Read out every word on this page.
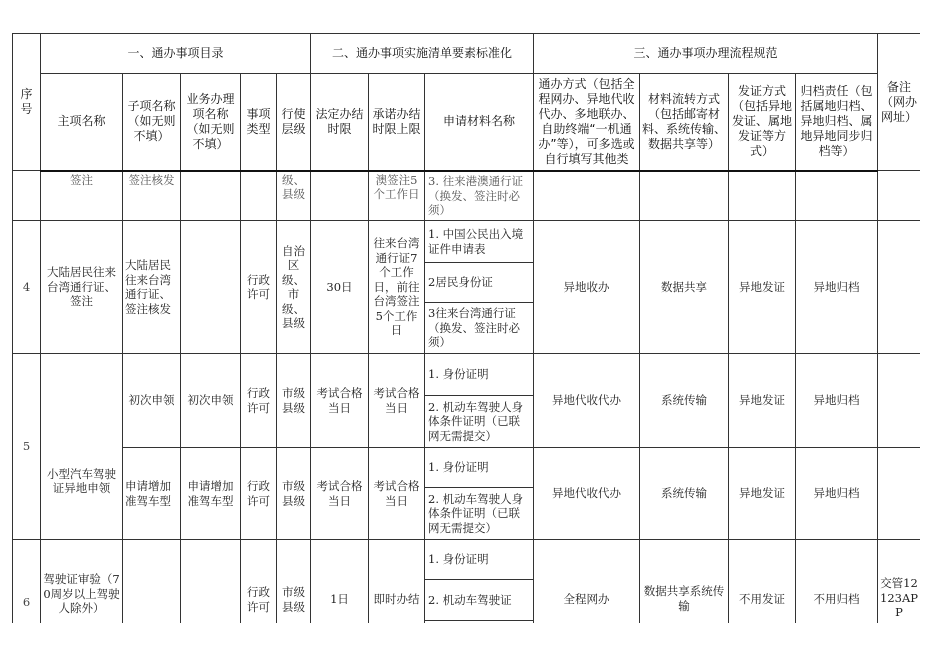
序号	一、通办事项目录					二、通办事项实施清单要素标准化			三、通办事项办理流程规范				备注（网办网址）
	主项名称	子项名称（如无则不填）	业务办理项名称（如无则不填）	事项类型	行使层级	法定办结时限	承诺办结时限上限	申请材料名称	通办方式（包括全程网办、异地代收代办、多地联办、自助终端“一机通办”等），可多选或自行填写其他类	材料流转方式（包括邮寄材料、系统传输、数据共享等）	发证方式（包括异地发证、属地发证等方式）	归档责任（包括属地归档、异地归档、属地异地同步归档等）	
	签注	签注核发			级、县级		澳签注5个工作日	3. 往来港澳通行证（换发、签注时必须）					
4	大陆居民往来台湾通行证、签注	大陆居民往来台湾通行证、签注核发		行政许可	自治区级、市级、县级	30日	往来台湾通行证7个工作日，前往台湾签注5个工作日	1. 中国公民出入境证件申请表	异地收办	数据共享	异地发证	异地归档	
								2居民身份证					
								3往来台湾通行证（换发、签注时必须）					
5	小型汽车驾驶证异地申领	初次申领	初次申领	行政许可	市级县级	考试合格当日	考试合格当日	1. 身份证明	异地代收代办	系统传输	异地发证	异地归档	
								2. 机动车驾驶人身体条件证明（已联网无需提交）					
		申请增加准驾车型	申请增加准驾车型	行政许可	市级县级	考试合格当日	考试合格当日	1. 身份证明	异地代收代办	系统传输	异地发证	异地归档	
								2. 机动车驾驶人身体条件证明（已联网无需提交）					
6	驾驶证审验（70周岁以上驾驶人除外）			行政许可	市级县级	1日	即时办结	1. 身份证明	全程网办	数据共享系统传输	不用发证	不用归档	交管12123APP
								2. 机动车驾驶证					
